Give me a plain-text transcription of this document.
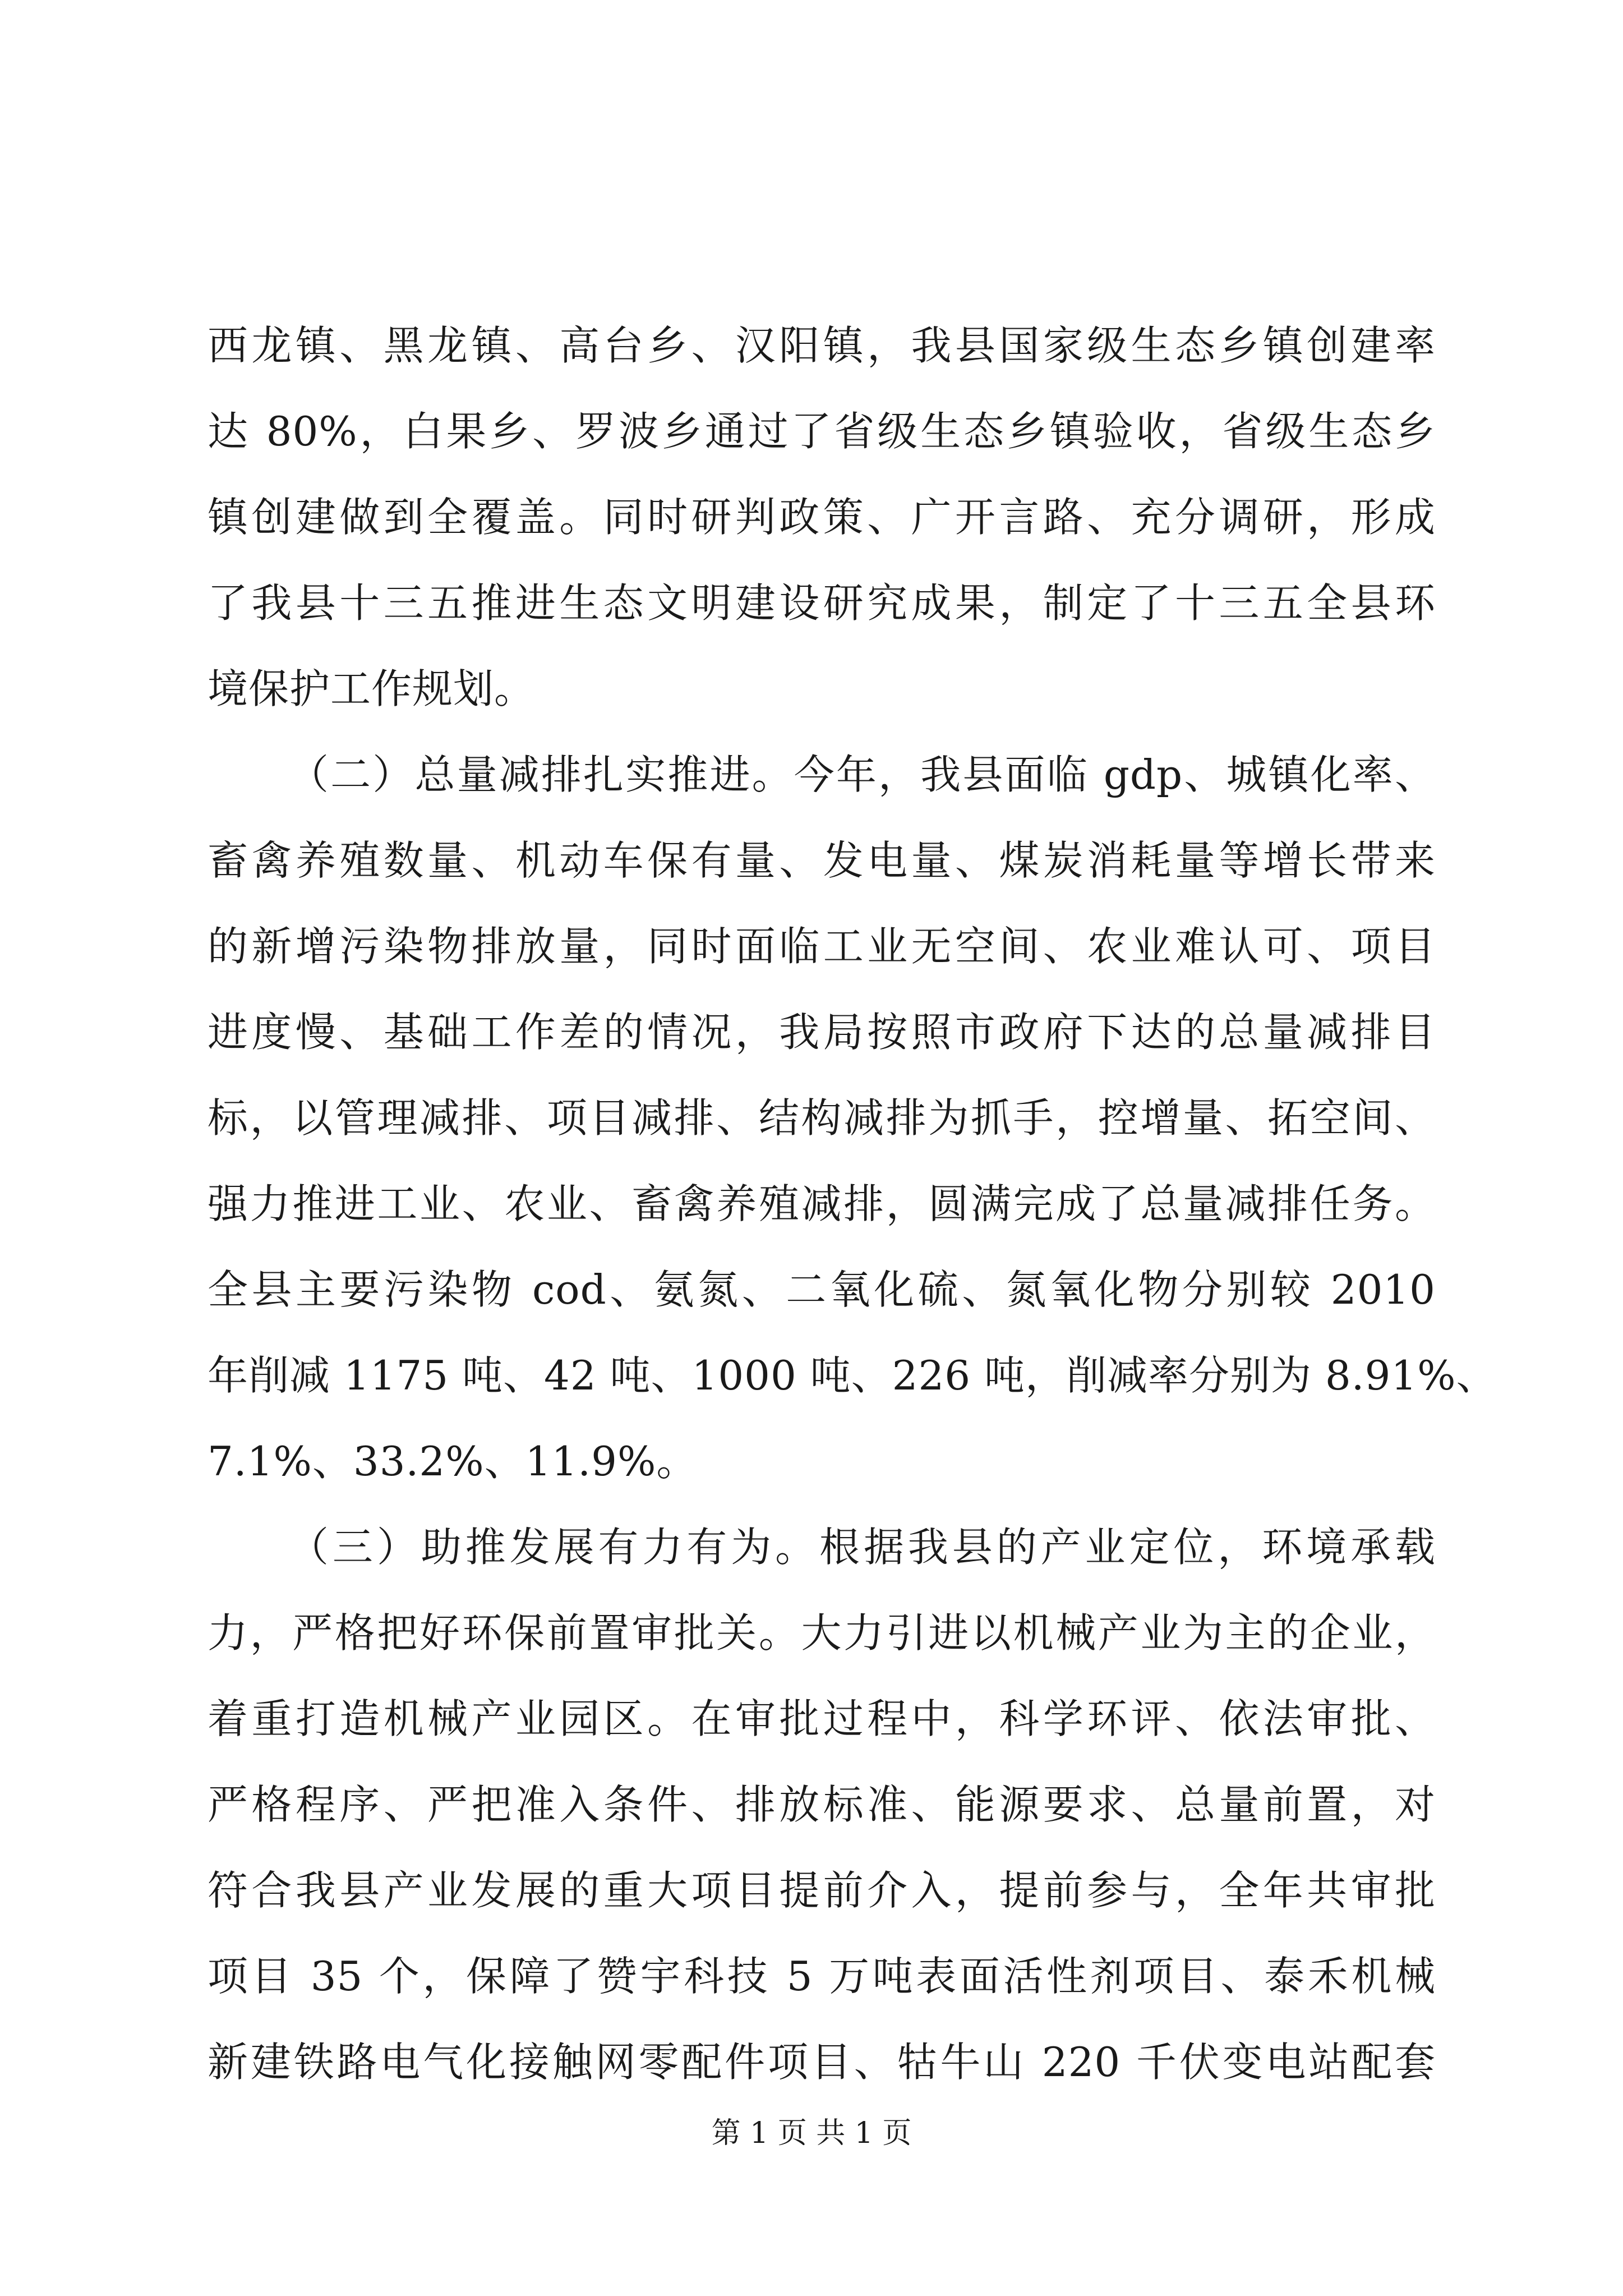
西龙镇、黑龙镇、高台乡、汉阳镇，我县国家级生态乡镇创建率
达 80%，白果乡、罗波乡通过了省级生态乡镇验收，省级生态乡
镇创建做到全覆盖。同时研判政策、广开言路、充分调研，形成
了我县十三五推进生态文明建设研究成果，制定了十三五全县环
境保护工作规划。
（二）总量减排扎实推进。今年，我县面临 gdp、城镇化率、
畜禽养殖数量、机动车保有量、发电量、煤炭消耗量等增长带来
的新增污染物排放量，同时面临工业无空间、农业难认可、项目
进度慢、基础工作差的情况，我局按照市政府下达的总量减排目
标，以管理减排、项目减排、结构减排为抓手，控增量、拓空间、
强力推进工业、农业、畜禽养殖减排，圆满完成了总量减排任务。
全县主要污染物 cod、氨氮、二氧化硫、氮氧化物分别较 2010
年削减 1175 吨、42 吨、1000 吨、226 吨，削减率分别为 8.91%、
7.1%、33.2%、11.9%。
（三）助推发展有力有为。根据我县的产业定位，环境承载
力，严格把好环保前置审批关。大力引进以机械产业为主的企业，
着重打造机械产业园区。在审批过程中，科学环评、依法审批、
严格程序、严把准入条件、排放标准、能源要求、总量前置，对
符合我县产业发展的重大项目提前介入，提前参与，全年共审批
项目 35 个，保障了赞宇科技 5 万吨表面活性剂项目、泰禾机械
新建铁路电气化接触网零配件项目、牯牛山 220 千伏变电站配套
第 1 页 共 1 页
